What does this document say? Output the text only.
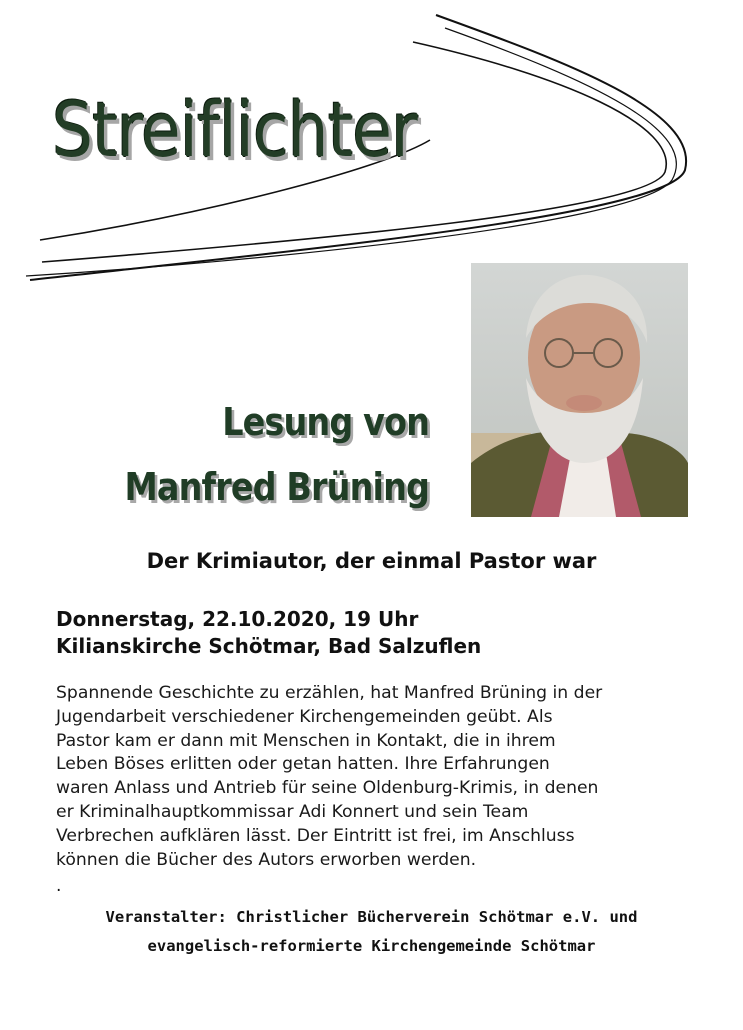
Streiflichter
Lesung von
Manfred Brüning
Der Krimiautor, der einmal Pastor war
Donnerstag, 22.10.2020, 19 Uhr
Kilianskirche Schötmar, Bad Salzuflen
Spannende Geschichte zu erzählen, hat Manfred Brüning in der
Jugendarbeit verschiedener Kirchengemeinden geübt. Als
Pastor kam er dann mit Menschen in Kontakt, die in ihrem
Leben Böses erlitten oder getan hatten. Ihre Erfahrungen
waren Anlass und Antrieb für seine Oldenburg-Krimis, in denen
er Kriminalhauptkommissar Adi Konnert und sein Team
Verbrechen aufklären lässt. Der Eintritt ist frei, im Anschluss
können die Bücher des Autors erworben werden.
.
Veranstalter: Christlicher Bücherverein Schötmar e.V. und
evangelisch-reformierte Kirchengemeinde Schötmar
